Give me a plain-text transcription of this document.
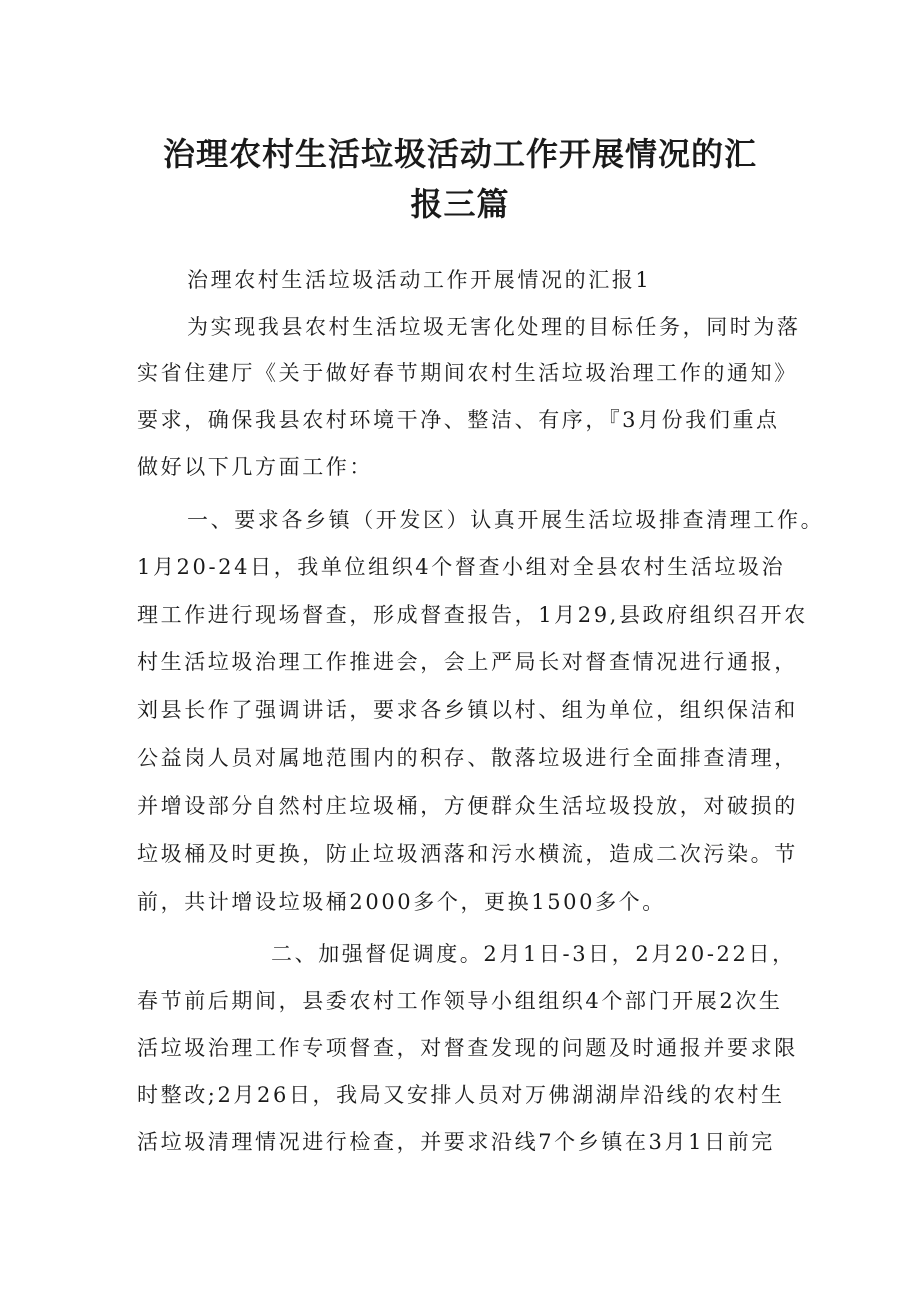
治理农村生活垃圾活动工作开展情况的汇
报三篇
治理农村生活垃圾活动工作开展情况的汇报1
为实现我县农村生活垃圾无害化处理的目标任务，同时为落
实省住建厅《关于做好春节期间农村生活垃圾治理工作的通知》
要求，确保我县农村环境干净、整洁、有序，『3月份我们重点
做好以下几方面工作：
一、要求各乡镇（开发区）认真开展生活垃圾排查清理工作。
1月20-24日，我单位组织4个督查小组对全县农村生活垃圾治
理工作进行现场督查，形成督查报告，1月29,县政府组织召开农
村生活垃圾治理工作推进会，会上严局长对督查情况进行通报，
刘县长作了强调讲话，要求各乡镇以村、组为单位，组织保洁和
公益岗人员对属地范围内的积存、散落垃圾进行全面排查清理，
并增设部分自然村庄垃圾桶，方便群众生活垃圾投放，对破损的
垃圾桶及时更换，防止垃圾洒落和污水横流，造成二次污染。节
前，共计增设垃圾桶2000多个，更换1500多个。
二、加强督促调度。2月1日-3日，2月20-22日，
春节前后期间，县委农村工作领导小组组织4个部门开展2次生
活垃圾治理工作专项督查，对督查发现的问题及时通报并要求限
时整改;2月26日，我局又安排人员对万佛湖湖岸沿线的农村生
活垃圾清理情况进行检查，并要求沿线7个乡镇在3月1日前完
